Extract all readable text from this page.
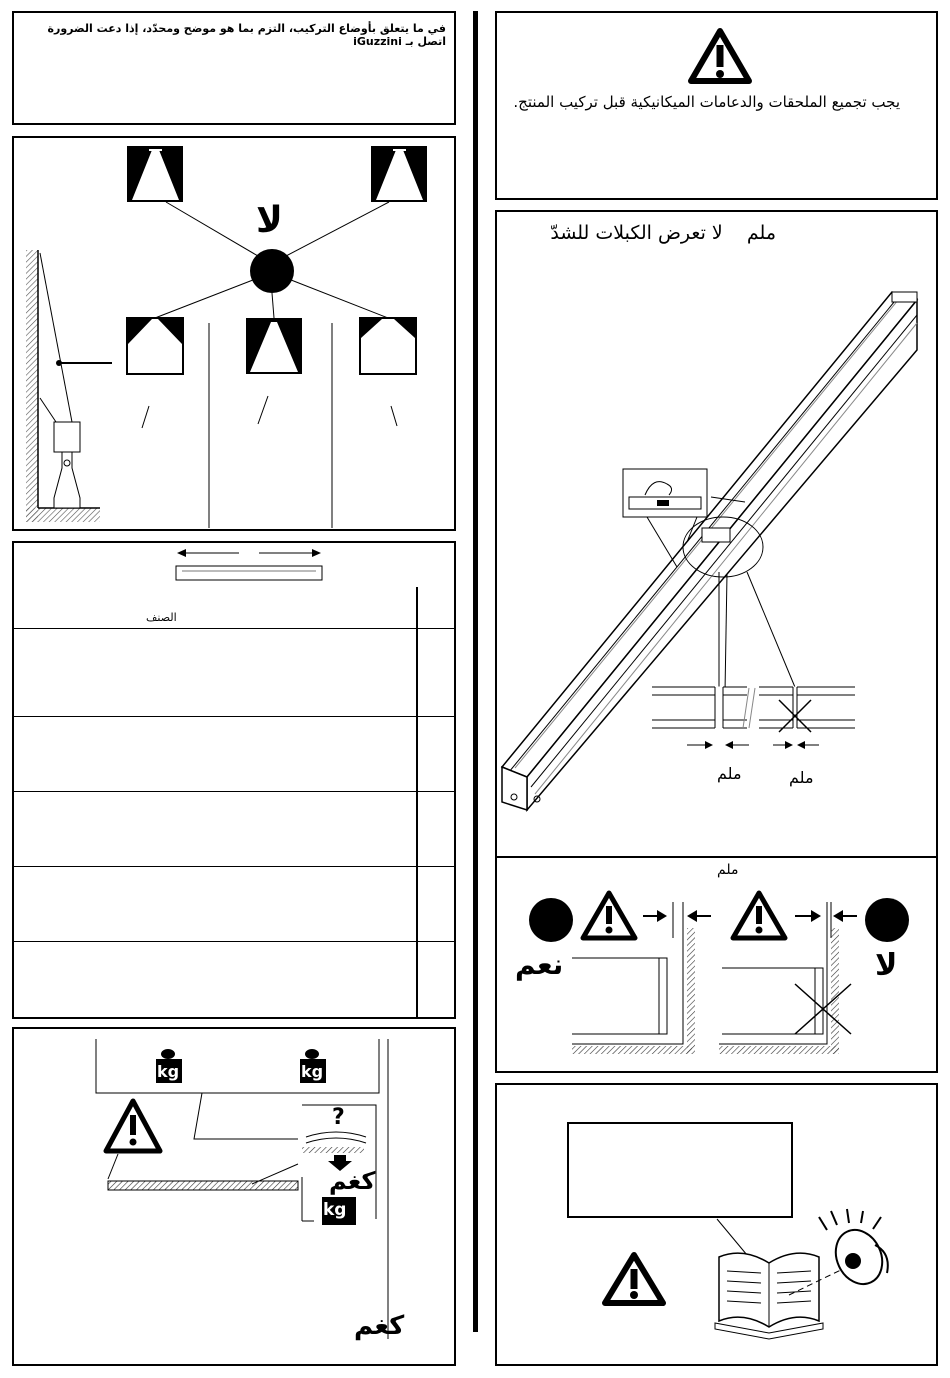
في ما يتعلق بأوضاع التركيب، التزم بما هو موضح ومحدّد، إذا دعت الضرورة اتصل بـ iGuzzini
لا
الصنف
kg	kg
?
kg
كغم
كغم
يجب تجميع الملحقات والدعامات الميكانيكية قبل تركيب المنتج.
ملم    لا تعرض الكبلات للشدّ
ملم	ملم
ملم
نعم	لا
